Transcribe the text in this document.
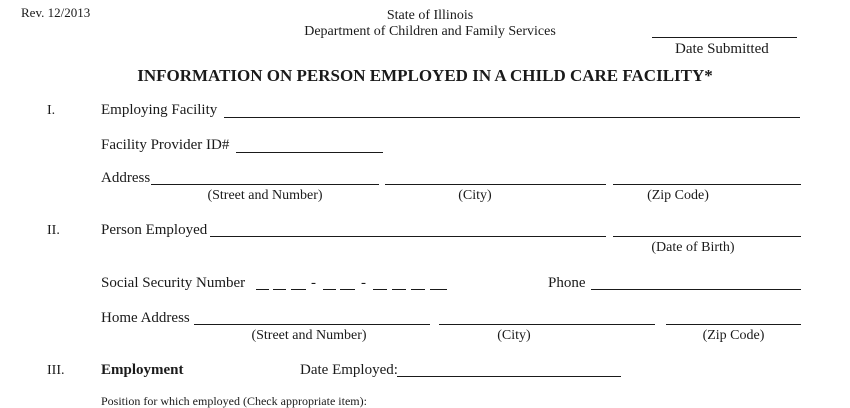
Rev. 12/2013	State of Illinois
Department of Children and Family Services
Date Submitted
INFORMATION ON PERSON EMPLOYED IN A CHILD CARE FACILITY*
I.	Employing Facility
Facility Provider ID#
Address
(Street and Number)	(City)	(Zip Code)
II.	Person Employed
(Date of Birth)
Social Security Number	-	-	Phone
Home Address
(Street and Number)	(City)	(Zip Code)
III. Employment	Date Employed:
Position for which employed (Check appropriate item):
